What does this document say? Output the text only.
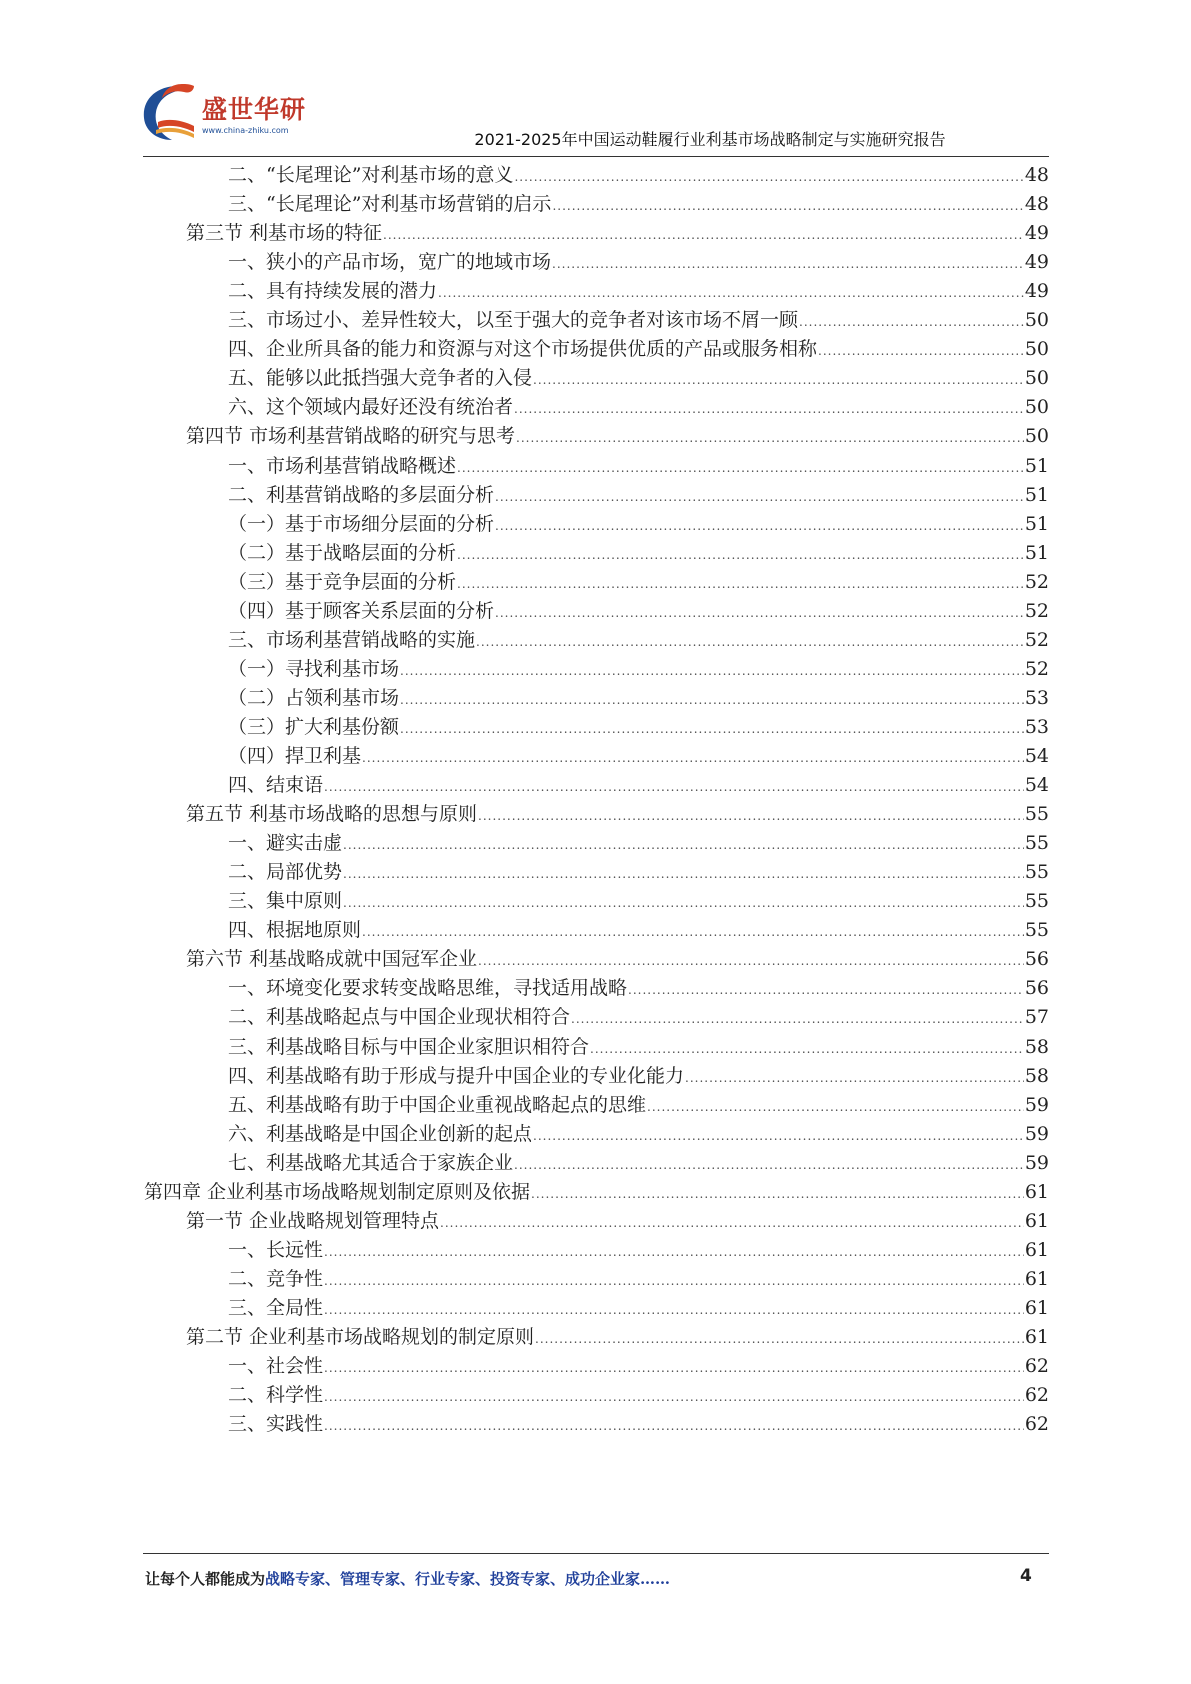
盛世华研
www.china-zhiku.com	2021-2025年中国运动鞋履行业利基市场战略制定与实施研究报告
二、“长尾理论”对利基市场的意义 .....	48
三、“长尾理论”对利基市场营销的启示 .....	48
第三节 利基市场的特征 .....	49
一、狭小的产品市场，宽广的地域市场 .....	49
二、具有持续发展的潜力 .....	49
三、市场过小、差异性较大，以至于强大的竞争者对该市场不屑一顾 .....	50
四、企业所具备的能力和资源与对这个市场提供优质的产品或服务相称 .....	50
五、能够以此抵挡强大竞争者的入侵 .....	50
六、这个领域内最好还没有统治者 .....	50
第四节 市场利基营销战略的研究与思考 .....	50
一、市场利基营销战略概述 .....	51
二、利基营销战略的多层面分析 .....	51
（一）基于市场细分层面的分析 .....	51
（二）基于战略层面的分析 .....	51
（三）基于竞争层面的分析 .....	52
（四）基于顾客关系层面的分析 .....	52
三、市场利基营销战略的实施 .....	52
（一）寻找利基市场 .....	52
（二）占领利基市场 .....	53
（三）扩大利基份额 .....	53
（四）捍卫利基 .....	54
四、结束语 .....	54
第五节 利基市场战略的思想与原则 .....	55
一、避实击虚 .....	55
二、局部优势 .....	55
三、集中原则 .....	55
四、根据地原则 .....	55
第六节 利基战略成就中国冠军企业 .....	56
一、环境变化要求转变战略思维，寻找适用战略 .....	56
二、利基战略起点与中国企业现状相符合 .....	57
三、利基战略目标与中国企业家胆识相符合 .....	58
四、利基战略有助于形成与提升中国企业的专业化能力 .....	58
五、利基战略有助于中国企业重视战略起点的思维 .....	59
六、利基战略是中国企业创新的起点 .....	59
七、利基战略尤其适合于家族企业 .....	59
第四章 企业利基市场战略规划制定原则及依据 .....	61
第一节 企业战略规划管理特点 .....	61
一、长远性 .....	61
二、竞争性 .....	61
三、全局性 .....	61
第二节 企业利基市场战略规划的制定原则 .....	61
一、社会性 .....	62
二、科学性 .....	62
三、实践性 .....	62
让每个人都能成为战略专家、管理专家、行业专家、投资专家、成功企业家……	4
